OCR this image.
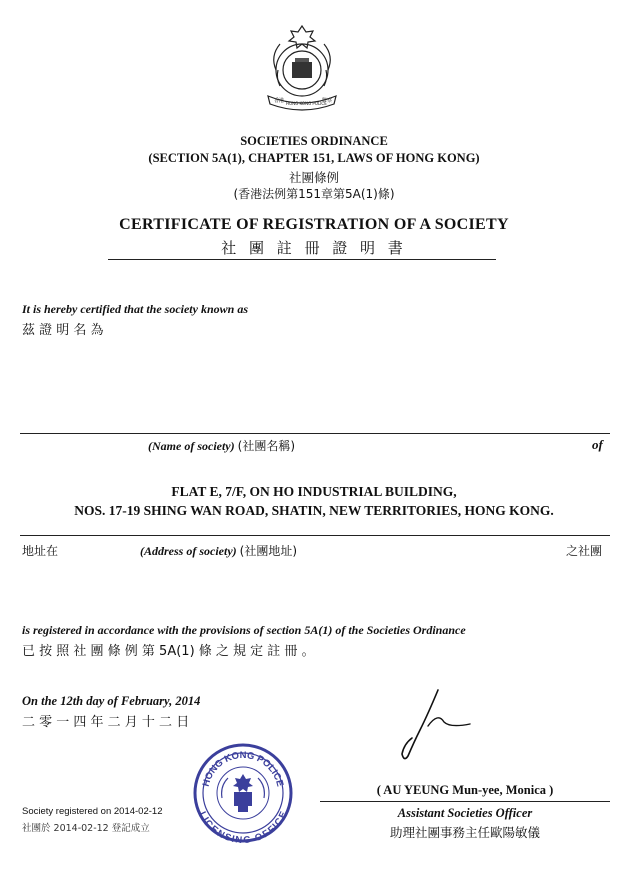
香港 HONG KONG POLICE
警察
SOCIETIES ORDINANCE
(SECTION 5A(1), CHAPTER 151, LAWS OF HONG KONG)
社團條例
(香港法例第151章第5A(1)條)
CERTIFICATE OF REGISTRATION OF A SOCIETY
社 團 註 冊 證 明 書
It is hereby certified that the society known as
茲 證 明 名 為
(Name of society) (社團名稱)	of
FLAT E, 7/F, ON HO INDUSTRIAL BUILDING,
NOS. 17-19 SHING WAN ROAD, SHATIN, NEW TERRITORIES, HONG KONG.
地址在	(Address of society) (社團地址)	之社團
is registered in accordance with the provisions of section 5A(1) of the Societies Ordinance
已 按 照 社 團 條 例 第 5A(1) 條 之 規 定 註 冊 。
On the 12th day of February, 2014
二 零 一 四 年 二 月 十 二 日
HONG KONG POLICE
LICENSING OFFICE
Society registered on 2014-02-12
社團於 2014-02-12 登記成立
( AU YEUNG Mun-yee, Monica )
Assistant Societies Officer
助理社團事務主任歐陽敏儀
